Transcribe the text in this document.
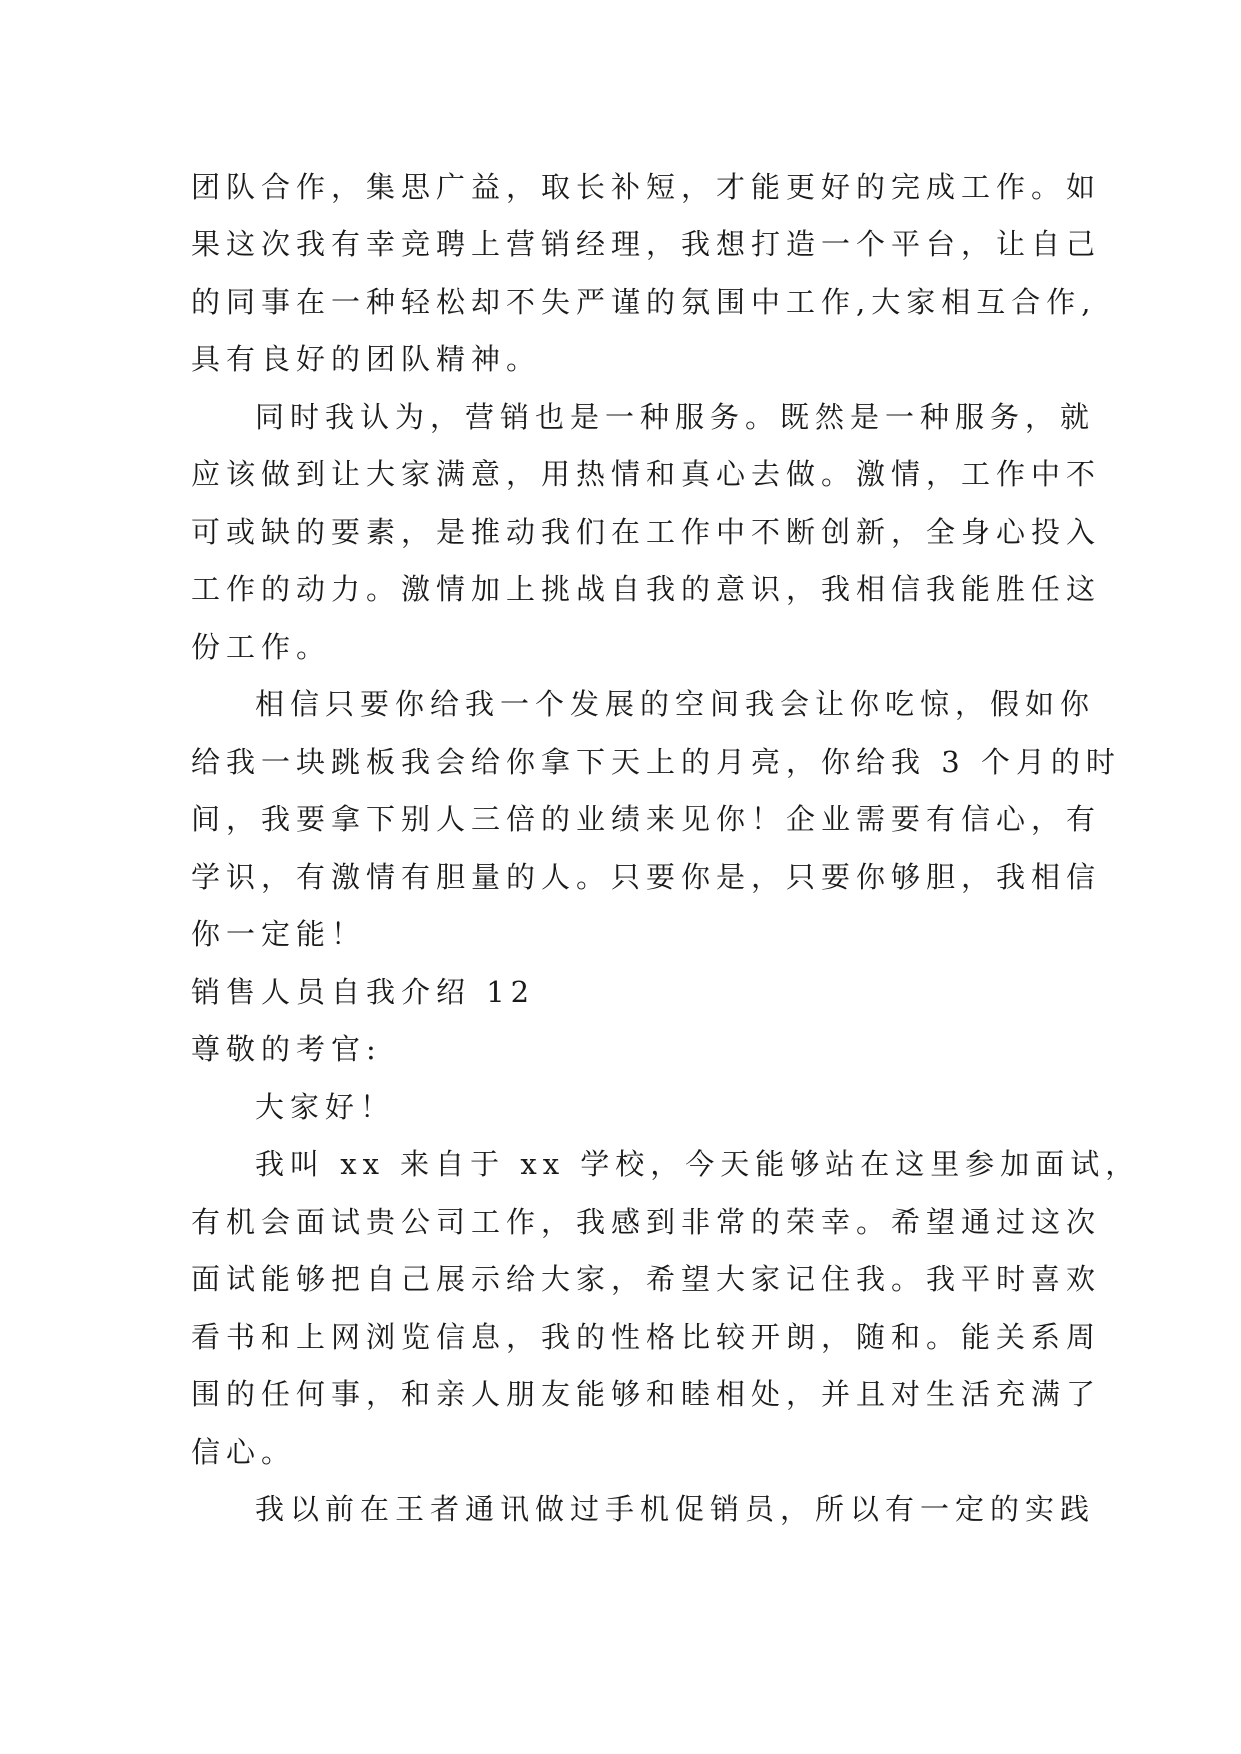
团队合作，集思广益，取长补短，才能更好的完成工作。如
果这次我有幸竞聘上营销经理，我想打造一个平台，让自己
的同事在一种轻松却不失严谨的氛围中工作,大家相互合作,
具有良好的团队精神。
同时我认为，营销也是一种服务。既然是一种服务，就
应该做到让大家满意，用热情和真心去做。激情，工作中不
可或缺的要素，是推动我们在工作中不断创新，全身心投入
工作的动力。激情加上挑战自我的意识，我相信我能胜任这
份工作。
相信只要你给我一个发展的空间我会让你吃惊，假如你
给我一块跳板我会给你拿下天上的月亮，你给我 3 个月的时
间，我要拿下别人三倍的业绩来见你！企业需要有信心，有
学识，有激情有胆量的人。只要你是，只要你够胆，我相信
你一定能！
销售人员自我介绍 12
尊敬的考官:
大家好！
我叫 xx 来自于 xx 学校，今天能够站在这里参加面试，
有机会面试贵公司工作，我感到非常的荣幸。希望通过这次
面试能够把自己展示给大家，希望大家记住我。我平时喜欢
看书和上网浏览信息，我的性格比较开朗，随和。能关系周
围的任何事，和亲人朋友能够和睦相处，并且对生活充满了
信心。
我以前在王者通讯做过手机促销员，所以有一定的实践
